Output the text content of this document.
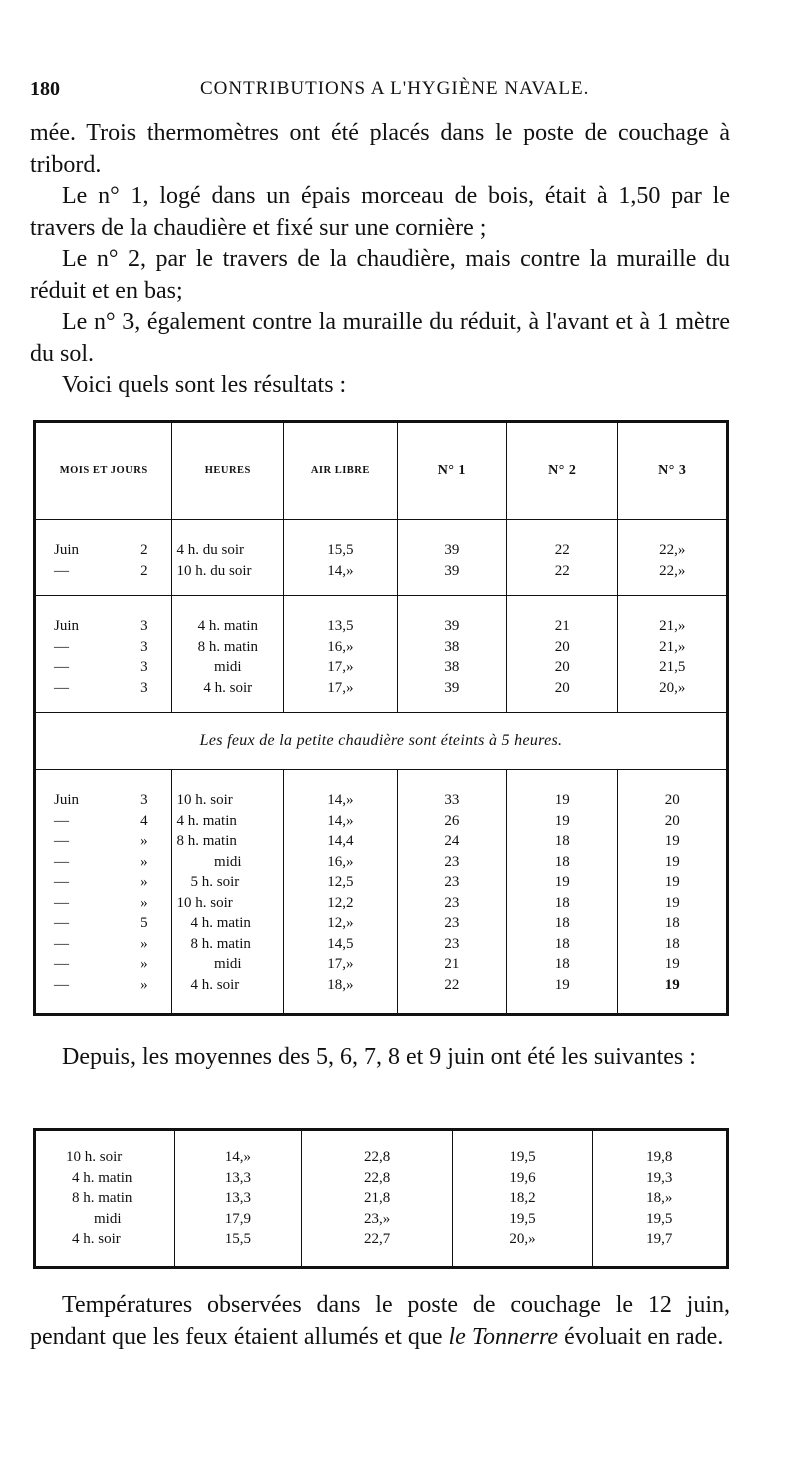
180	CONTRIBUTIONS A L'HYGIÈNE NAVALE.

mée. Trois thermomètres ont été placés dans le poste de couchage à tribord.

Le n° 1, logé dans un épais morceau de bois, était à 1,50 par le travers de la chaudière et fixé sur une cornière ;

Le n° 2, par le travers de la chaudière, mais contre la muraille du réduit et en bas;

Le n° 3, également contre la muraille du réduit, à l'avant et à 1 mètre du sol.

Voici quels sont les résultats :

MOIS ET JOURS		HEURES	AIR LIBRE	N° 1	N° 2	N° 3
Juin	2	4 h. du soir	15,5	39	22	22,»
—	2	10 h. du soir	14,»	39	22	22,»
Juin	3	4 h. matin	13,5	39	21	21,»
—	3	8 h. matin	16,»	38	20	21,»
—	3	midi	17,»	38	20	21,5
—	3	4 h. soir	17,»	39	20	20,»
Les feux de la petite chaudière sont éteints à 5 heures.						
Juin	3	10 h. soir	14,»	33	19	20
—	4	4 h. matin	14,»	26	19	20
—	»	8 h. matin	14,4	24	18	19
—	»	midi	16,»	23	18	19
—	»	5 h. soir	12,5	23	19	19
—	»	10 h. soir	12,2	23	18	19
—	5	4 h. matin	12,»	23	18	18
—	»	8 h. matin	14,5	23	18	18
—	»	midi	17,»	21	18	19
—	»	4 h. soir	18,»	22	19	19

Depuis, les moyennes des 5, 6, 7, 8 et 9 juin ont été les suivantes :

10 h. soir	14,»	22,8	19,5	19,8
4 h. matin	13,3	22,8	19,6	19,3
8 h. matin	13,3	21,8	18,2	18,»
midi	17,9	23,»	19,5	19,5
4 h. soir	15,5	22,7	20,»	19,7

Températures observées dans le poste de couchage le 12 juin, pendant que les feux étaient allumés et que le Tonnerre évoluait en rade.
